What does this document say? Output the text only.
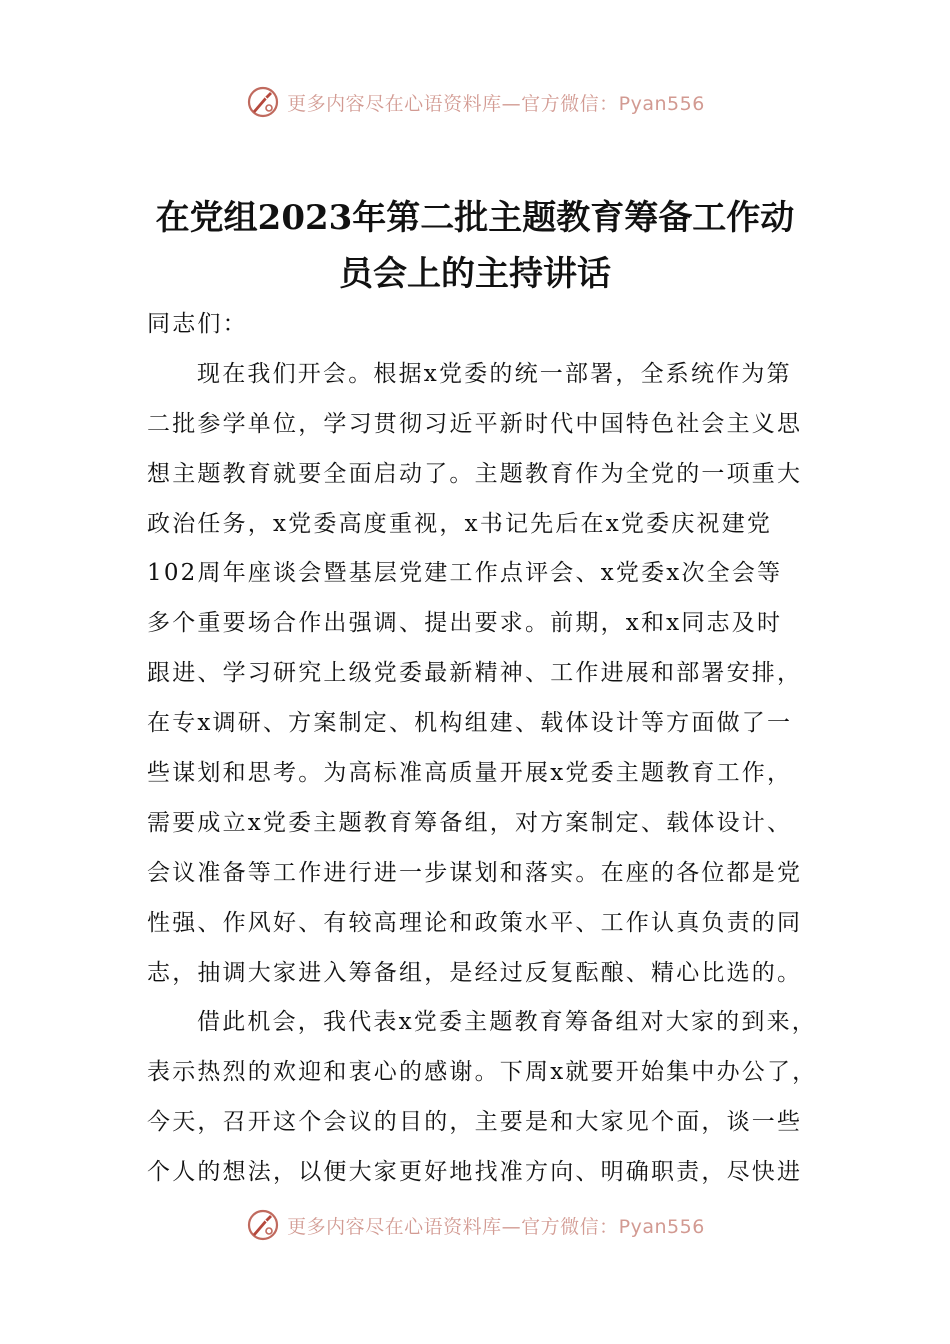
更多内容尽在心语资料库—官方微信：Pyan556
在党组2023年第二批主题教育筹备工作动
员会上的主持讲话
同志们：
现在我们开会。根据x党委的统一部署，全系统作为第
二批参学单位，学习贯彻习近平新时代中国特色社会主义思
想主题教育就要全面启动了。主题教育作为全党的一项重大
政治任务，x党委高度重视，x书记先后在x党委庆祝建党
102周年座谈会暨基层党建工作点评会、x党委x次全会等
多个重要场合作出强调、提出要求。前期，x和x同志及时
跟进、学习研究上级党委最新精神、工作进展和部署安排，
在专x调研、方案制定、机构组建、载体设计等方面做了一
些谋划和思考。为高标准高质量开展x党委主题教育工作，
需要成立x党委主题教育筹备组，对方案制定、载体设计、
会议准备等工作进行进一步谋划和落实。在座的各位都是党
性强、作风好、有较高理论和政策水平、工作认真负责的同
志，抽调大家进入筹备组，是经过反复酝酿、精心比选的。
借此机会，我代表x党委主题教育筹备组对大家的到来，
表示热烈的欢迎和衷心的感谢。下周x就要开始集中办公了，
今天，召开这个会议的目的，主要是和大家见个面，谈一些
个人的想法，以便大家更好地找准方向、明确职责，尽快进
更多内容尽在心语资料库—官方微信：Pyan556
